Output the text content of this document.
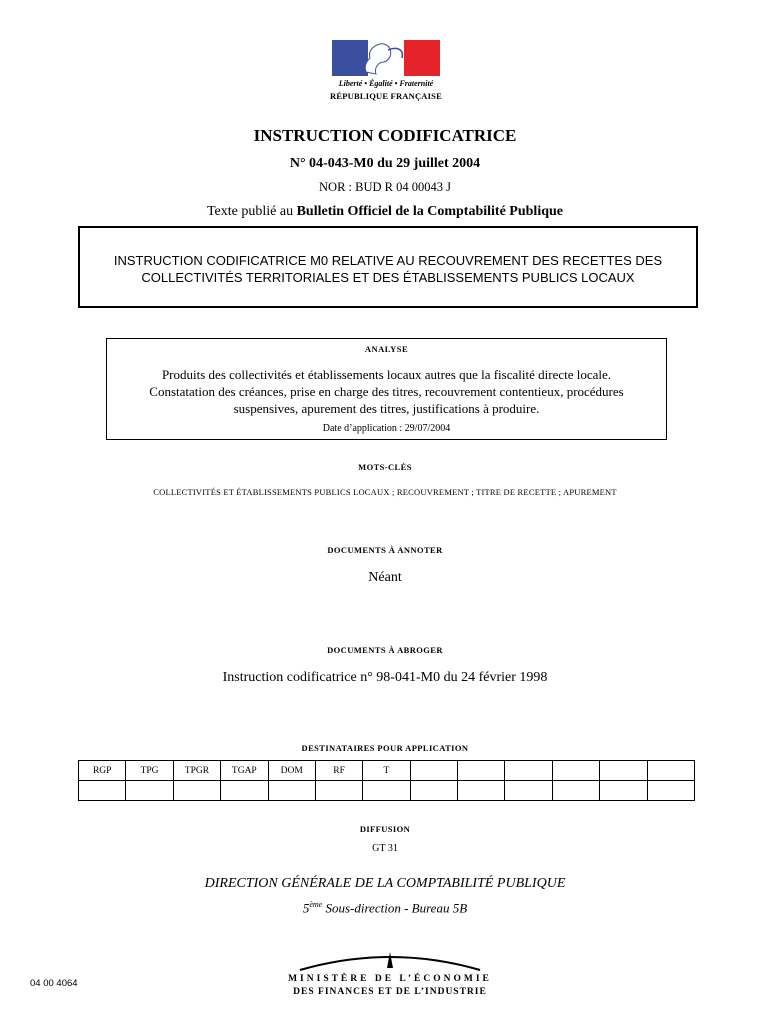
Liberté • Égalité • Fraternité
RÉPUBLIQUE FRANÇAISE
INSTRUCTION CODIFICATRICE
N° 04-043-M0 du 29 juillet 2004
NOR : BUD R 04 00043 J
Texte publié au Bulletin Officiel de la Comptabilité Publique
INSTRUCTION CODIFICATRICE M0 RELATIVE AU RECOUVREMENT DES RECETTES DES
COLLECTIVITÉS TERRITORIALES ET DES ÉTABLISSEMENTS PUBLICS LOCAUX
ANALYSE
Produits des collectivités et établissements locaux autres que la fiscalité directe locale.
Constatation des créances, prise en charge des titres, recouvrement contentieux, procédures
suspensives, apurement des titres, justifications à produire.
Date d’application : 29/07/2004
MOTS-CLÉS
COLLECTIVITÉS ET ÉTABLISSEMENTS PUBLICS LOCAUX ; RECOUVREMENT ; TITRE DE RECETTE ; APUREMENT
DOCUMENTS À ANNOTER
Néant
DOCUMENTS À ABROGER
Instruction codificatrice n° 98-041-M0 du 24 février 1998
DESTINATAIRES POUR APPLICATION
RGP	TPG	TPGR	TGAP	DOM	RF	T						

DIFFUSION
GT 31
DIRECTION GÉNÉRALE DE LA COMPTABILITÉ PUBLIQUE
5ème Sous-direction - Bureau 5B
04 00 4064	MINISTÈRE DE L’ÉCONOMIE
DES FINANCES ET DE L’INDUSTRIE
